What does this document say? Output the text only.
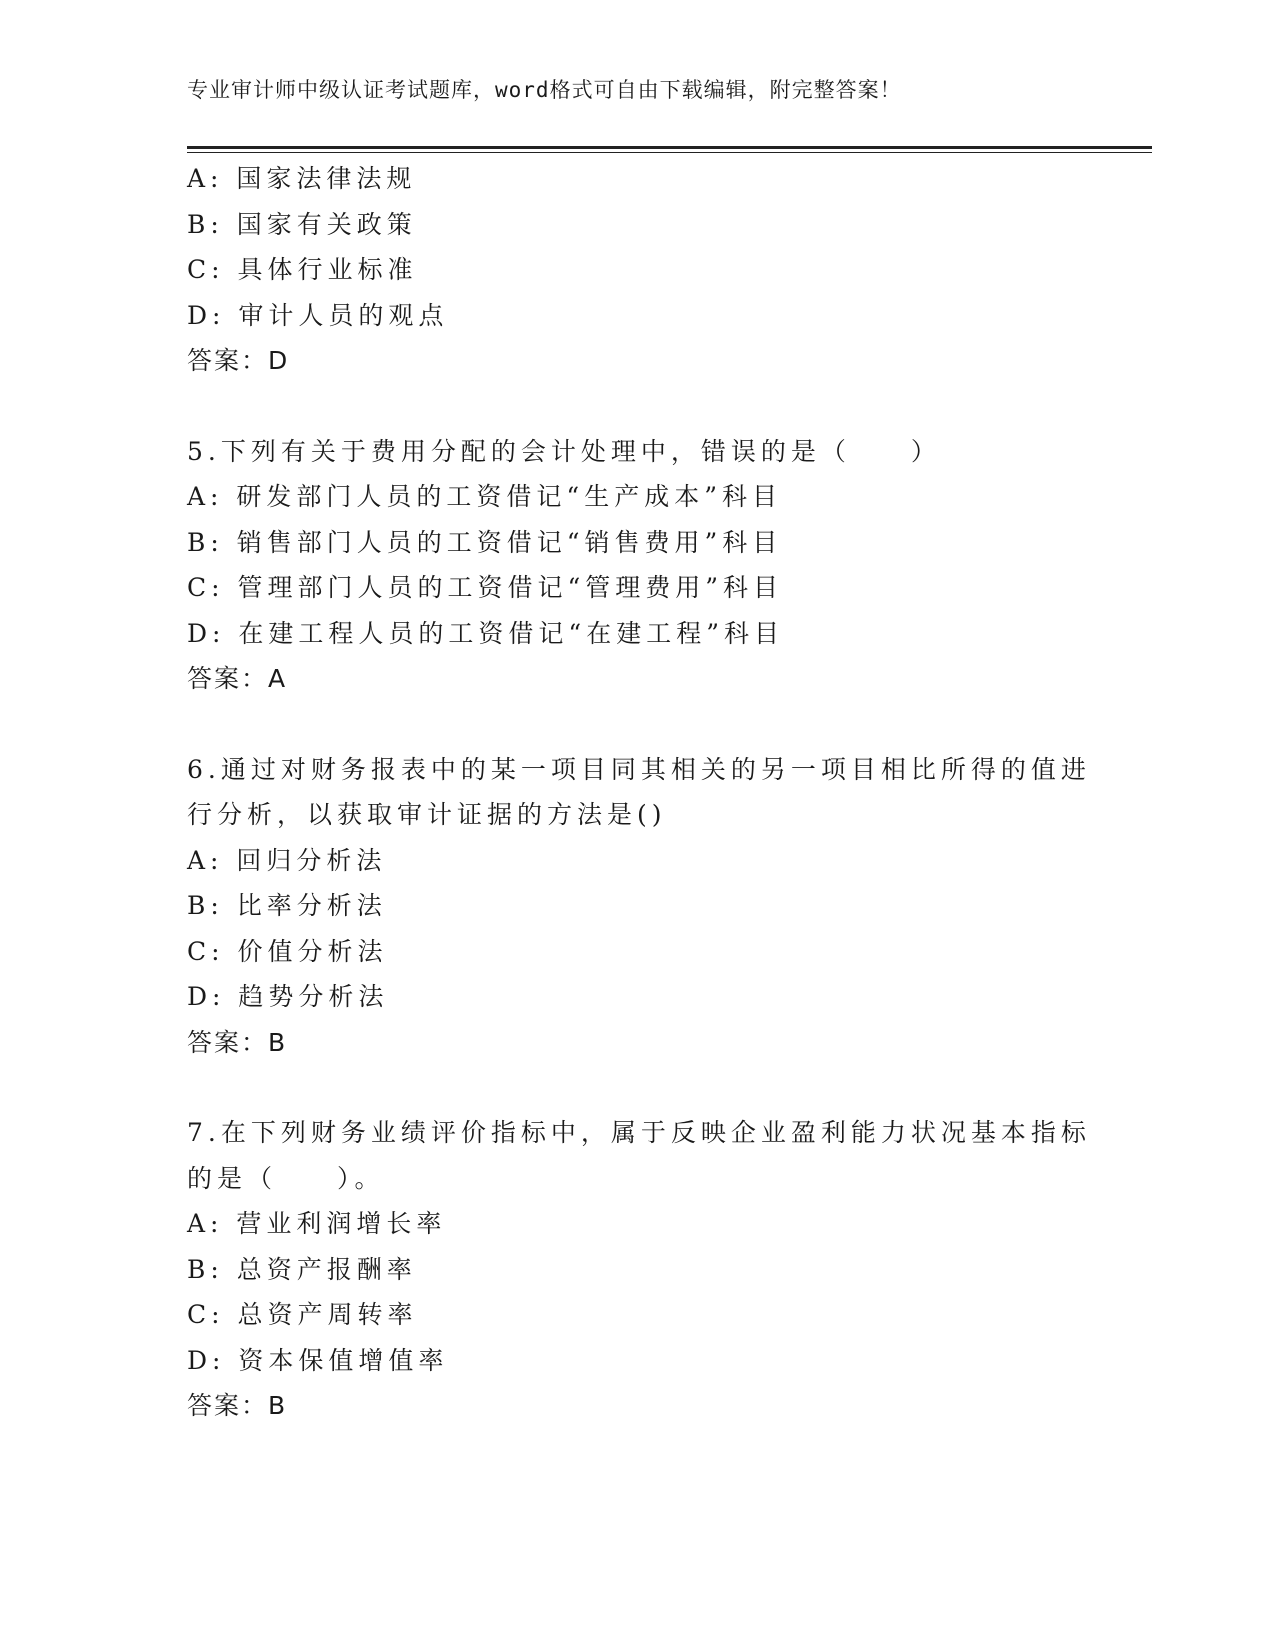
专业审计师中级认证考试题库，word格式可自由下载编辑，附完整答案！
A: 国家法律法规
B: 国家有关政策
C: 具体行业标准
D: 审计人员的观点
答案：D
5.下列有关于费用分配的会计处理中，错误的是（　　）
A: 研发部门人员的工资借记“生产成本”科目
B: 销售部门人员的工资借记“销售费用”科目
C: 管理部门人员的工资借记“管理费用”科目
D: 在建工程人员的工资借记“在建工程”科目
答案：A
6.通过对财务报表中的某一项目同其相关的另一项目相比所得的值进
行分析，以获取审计证据的方法是()
A: 回归分析法
B: 比率分析法
C: 价值分析法
D: 趋势分析法
答案：B
7.在下列财务业绩评价指标中，属于反映企业盈利能力状况基本指标
的是（　　）。
A: 营业利润增长率
B: 总资产报酬率
C: 总资产周转率
D: 资本保值增值率
答案：B
